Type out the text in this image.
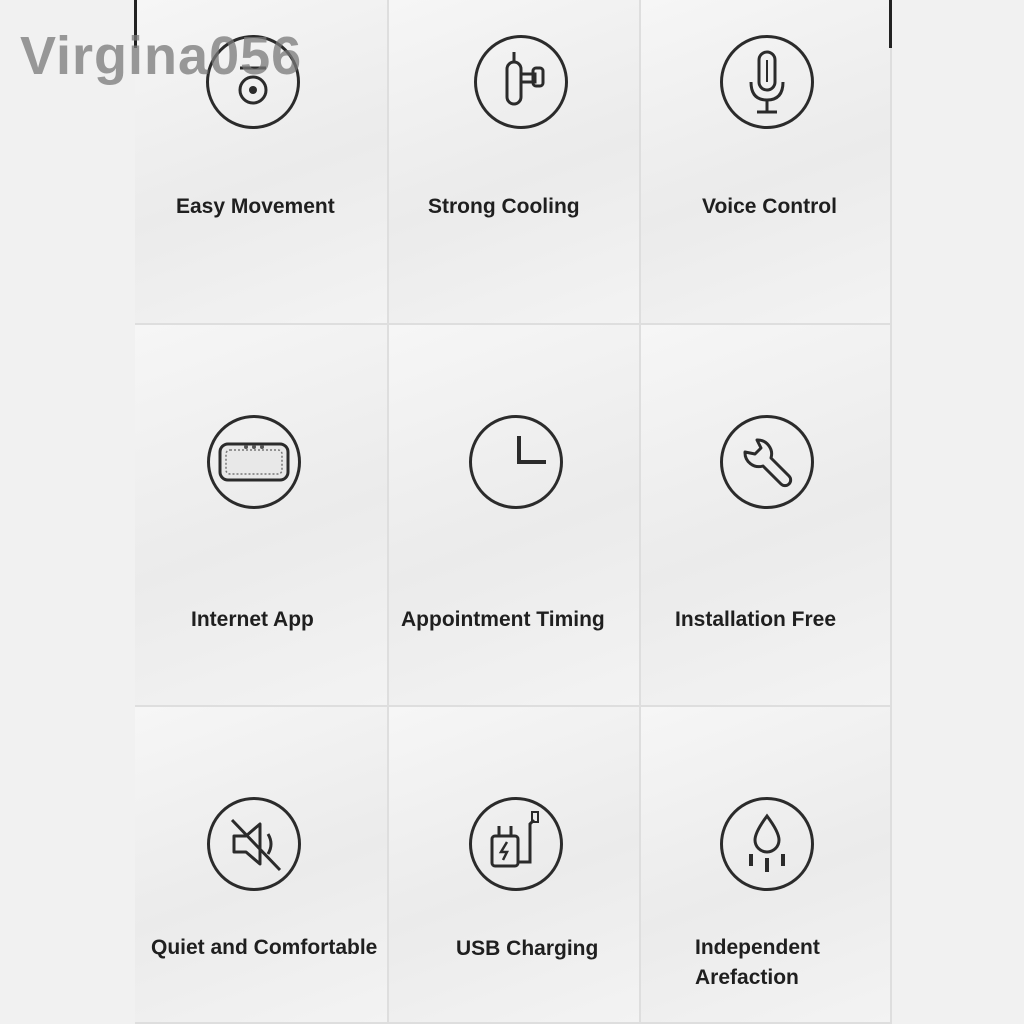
Easy Movement	Strong Cooling	Voice Control
Internet App	Appointment Timing	Installation Free
Quiet and Comfortable	USB Charging	Independent
Arefaction
Virgina056
